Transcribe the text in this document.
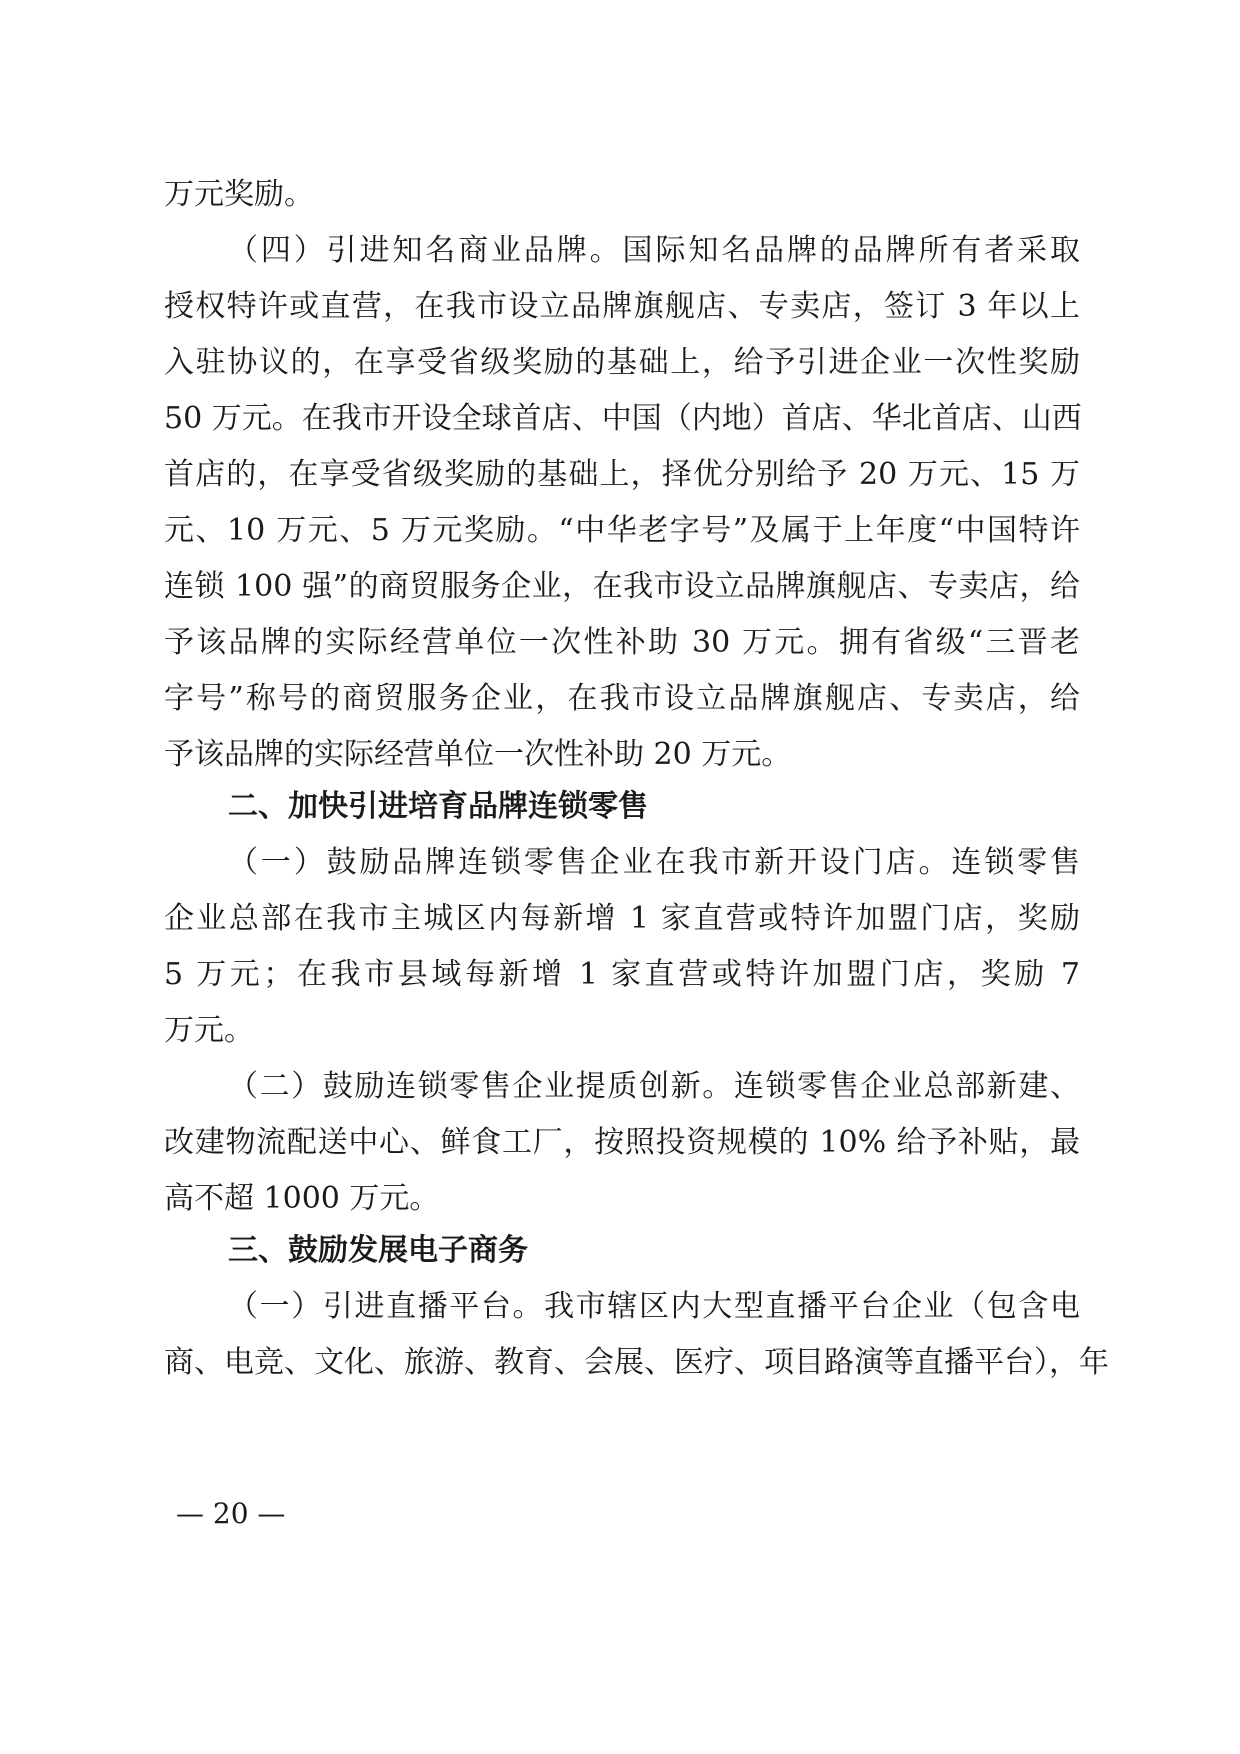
万元奖励。
（四）引进知名商业品牌。国际知名品牌的品牌所有者采取
授权特许或直营，在我市设立品牌旗舰店、专卖店，签订 3 年以上
入驻协议的，在享受省级奖励的基础上，给予引进企业一次性奖励
50 万元。在我市开设全球首店、中国（内地）首店、华北首店、山西
首店的，在享受省级奖励的基础上，择优分别给予 20 万元、15 万
元、10 万元、5 万元奖励。“中华老字号”及属于上年度“中国特许
连锁 100 强”的商贸服务企业，在我市设立品牌旗舰店、专卖店，给
予该品牌的实际经营单位一次性补助 30 万元。拥有省级“三晋老
字号”称号的商贸服务企业，在我市设立品牌旗舰店、专卖店，给
予该品牌的实际经营单位一次性补助 20 万元。
二、加快引进培育品牌连锁零售
（一）鼓励品牌连锁零售企业在我市新开设门店。连锁零售
企业总部在我市主城区内每新增 1 家直营或特许加盟门店，奖励
5 万元；在我市县域每新增 1 家直营或特许加盟门店，奖励 7
万元。
（二）鼓励连锁零售企业提质创新。连锁零售企业总部新建、
改建物流配送中心、鲜食工厂，按照投资规模的 10% 给予补贴，最
高不超 1000 万元。
三、鼓励发展电子商务
（一）引进直播平台。我市辖区内大型直播平台企业（包含电
商、电竞、文化、旅游、教育、会展、医疗、项目路演等直播平台），年
— 20 —
